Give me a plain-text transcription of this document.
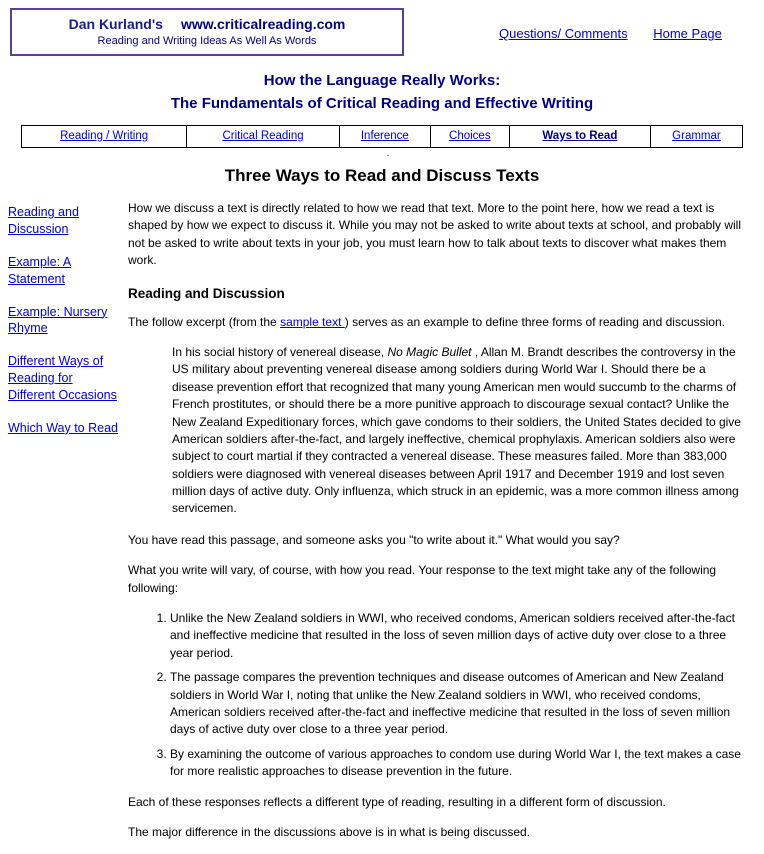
Dan Kurland's www.criticalreading.com
Reading and Writing Ideas As Well As Words	Questions/ Comments Home Page
How the Language Really Works:
The Fundamentals of Critical Reading and Effective Writing
Reading / Writing	Critical Reading	Inference	Choices	Ways to Read	Grammar
.
Three Ways to Read and Discuss Texts
Reading and Discussion
Example: A Statement
Example: Nursery Rhyme
Different Ways of Reading for Different Occasions
Which Way to Read

How we discuss a text is directly related to how we read that text. More to the point here, how we read a text is shaped by how we expect to discuss it. While you may not be asked to write about texts at school, and probably will not be asked to write about texts in your job, you must learn how to talk about texts to discover what makes them work.

Reading and Discussion

The follow excerpt (from the sample text ) serves as an example to define three forms of reading and discussion.

In his social history of venereal disease, No Magic Bullet , Allan M. Brandt describes the controversy in the US military about preventing venereal disease among soldiers during World War I. Should there be a disease prevention effort that recognized that many young American men would succumb to the charms of French prostitutes, or should there be a more punitive approach to discourage sexual contact? Unlike the New Zealand Expeditionary forces, which gave condoms to their soldiers, the United States decided to give American soldiers after-the-fact, and largely ineffective, chemical prophylaxis. American soldiers also were subject to court martial if they contracted a venereal disease. These measures failed. More than 383,000 soldiers were diagnosed with venereal diseases between April 1917 and December 1919 and lost seven million days of active duty. Only influenza, which struck in an epidemic, was a more common illness among servicemen.

You have read this passage, and someone asks you "to write about it." What would you say?

What you write will vary, of course, with how you read. Your response to the text might take any of the following following:

1. Unlike the New Zealand soldiers in WWI, who received condoms, American soldiers received after-the-fact and ineffective medicine that resulted in the loss of seven million days of active duty over close to a three year period.
2. The passage compares the prevention techniques and disease outcomes of American and New Zealand soldiers in World War I, noting that unlike the New Zealand soldiers in WWI, who received condoms, American soldiers received after-the-fact and ineffective medicine that resulted in the loss of seven million days of active duty over close to a three year period.
3. By examining the outcome of various approaches to condom use during World War I, the text makes a case for more realistic approaches to disease prevention in the future.

Each of these responses reflects a different type of reading, resulting in a different form of discussion.

The major difference in the discussions above is in what is being discussed.
